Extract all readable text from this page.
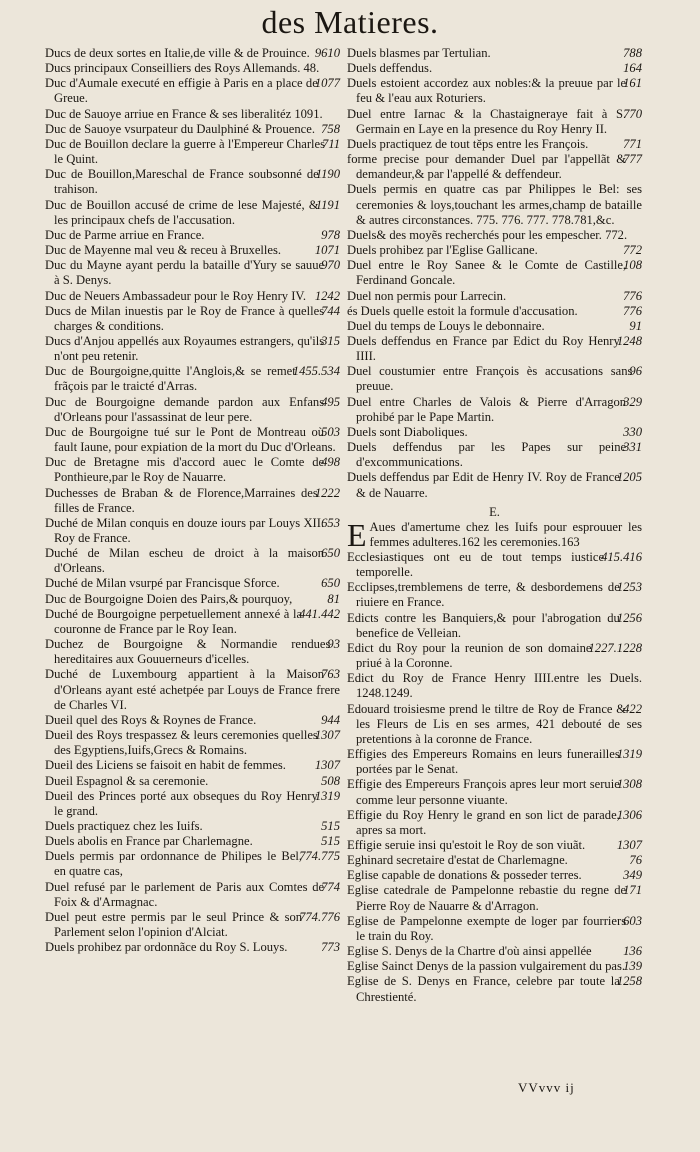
des Matieres.
9610
Ducs de deux sortes en Italie,de ville & de Prouince.
Ducs principaux Conseilliers des Roys Allemands. 48.
1077
Duc d'Aumale executé en effigie à Paris en a place de Greue.
Duc de Sauoye arriue en France & ses liberalitéz 1091.
758
Duc de Sauoye vsurpateur du Daulphiné & Prouence.
711
Duc de Bouillon declare la guerre à l'Empereur Charles le Quint.
1190
Duc de Bouillon,Mareschal de France soubsonné de trahison.
1191
Duc de Bouillon accusé de crime de lese Majesté, & les principaux chefs de l'accusation.
978
Duc de Parme arriue en France.
1071
Duc de Mayenne mal veu & receu à Bruxelles.
970
Duc du Mayne ayant perdu la bataille d'Yury se sauue à S. Denys.
1242
Duc de Neuers Ambassadeur pour le Roy Henry IV.
744
Ducs de Milan inuestis par le Roy de France à quelles charges & conditions.
315
Ducs d'Anjou appellés aux Royaumes estrangers, qu'ils n'ont peu retenir.
1455.534
Duc de Bourgoigne,quitte l'Anglois,& se remet frãçois par le traicté d'Arras.
495
Duc de Bourgoigne demande pardon aux Enfans d'Orleans pour l'assassinat de leur pere.
503
Duc de Bourgoigne tué sur le Pont de Montreau où fault Iaune, pour expiation de la mort du Duc d'Orleans.
498
Duc de Bretagne mis d'accord auec le Comte de Ponthieure,par le Roy de Nauarre.
1222
Duchesses de Braban & de Florence,Marraines des filles de France.
653
Duché de Milan conquis en douze iours par Louys XII. Roy de France.
650
Duché de Milan escheu de droict à la maison d'Orleans.
650
Duché de Milan vsurpé par Francisque Sforce.
81
Duc de Bourgoigne Doien des Pairs,& pourquoy,
441.442
Duché de Bourgoigne perpetuellement annexé à la couronne de France par le Roy Iean.
93
Duchez de Bourgoigne & Normandie rendues hereditaires aux Gouuerneurs d'icelles.
763
Duché de Luxembourg appartient à la Maison d'Orleans ayant esté achetpée par Louys de France frere de Charles VI.
944
Dueil quel des Roys & Roynes de France.
1307
Dueil des Roys trespassez & leurs ceremonies quelles des Egyptiens,Iuifs,Grecs & Romains.
1307
Dueil des Liciens se faisoit en habit de femmes.
508
Dueil Espagnol & sa ceremonie.
1319
Dueil des Princes porté aux obseques du Roy Henry le grand.
515
Duels practiquez chez les Iuifs.
515
Duels abolis en France par Charlemagne.
774.775
Duels permis par ordonnance de Philipes le Bel, en quatre cas,
774
Duel refusé par le parlement de Paris aux Comtes de Foix & d'Armagnac.
774.776
Duel peut estre permis par le seul Prince & son Parlement selon l'opinion d'Alciat.
773
Duels prohibez par ordonnãce du Roy S. Louys.
788
Duels blasmes par Tertulian.
164
Duels deffendus.
161
Duels estoient accordez aux nobles:& la preuue par le feu & l'eau aux Roturiers.
770
Duel entre Iarnac & la Chastaigneraye fait à S. Germain en Laye en la presence du Roy Henry II.
771
Duels practiquez de tout těps entre les François.
777
forme precise pour demander Duel par l'appellãt & demandeur,& par l'appellé & deffendeur.
Duels permis en quatre cas par Philippes le Bel: ses ceremonies & loys,touchant les armes,champ de bataille & autres circonstances. 775. 776. 777. 778.781,&c.
Duels& des moyẽs recherchés pour les empescher. 772.
772
Duels prohibez par l'Eglise Gallicane.
108
Duel entre le Roy Sanee & le Comte de Castille, Ferdinand Goncale.
776
Duel non permis pour Larrecin.
776
és Duels quelle estoit la formule d'accusation.
91
Duel du temps de Louys le debonnaire.
1248
Duels deffendus en France par Edict du Roy Henry IIII.
96
Duel coustumier entre François ès accusations sans preuue.
329
Duel entre Charles de Valois & Pierre d'Arragon prohibé par le Pape Martin.
330
Duels sont Diaboliques.
331
Duels deffendus par les Papes sur peine d'excommunications.
1205
Duels deffendus par Edit de Henry IV. Roy de France & de Nauarre.
E.
E Aues d'amertume chez les Iuifs pour esprouuer les femmes adulteres.162 les ceremonies.163
415.416
Ecclesiastiques ont eu de tout temps iustice temporelle.
1253
Ecclipses,tremblemens de terre, & desbordemens de riuiere en France.
1256
Edicts contre les Banquiers,& pour l'abrogation du benefice de Velleian.
1227.1228
Edict du Roy pour la reunion de son domaine priué à la Coronne.
Edict du Roy de France Henry IIII.entre les Duels. 1248.1249.
422
Edouard troisiesme prend le tiltre de Roy de France & les Fleurs de Lis en ses armes, 421 debouté de ses pretentions à la coronne de France.
1319
Effigies des Empereurs Romains en leurs funerailles portées par le Senat.
1308
Effigie des Empereurs François apres leur mort seruie comme leur personne viuante.
1306
Effigie du Roy Henry le grand en son lict de parade, apres sa mort.
1307
Effigie seruie insi qu'estoit le Roy de son viuãt.
76
Eghinard secretaire d'estat de Charlemagne.
349
Eglise capable de donations & posseder terres.
171
Eglise catedrale de Pampelonne rebastie du regne de Pierre Roy de Nauarre & d'Arragon.
603
Eglise de Pampelonne exempte de loger par fourriers le train du Roy.
136
Eglise S. Denys de la Chartre d'où ainsi appellée
139
Eglise Sainct Denys de la passion vulgairement du pas.
1258
Eglise de S. Denys en France, celebre par toute la Chrestienté.
VVvvv ij
